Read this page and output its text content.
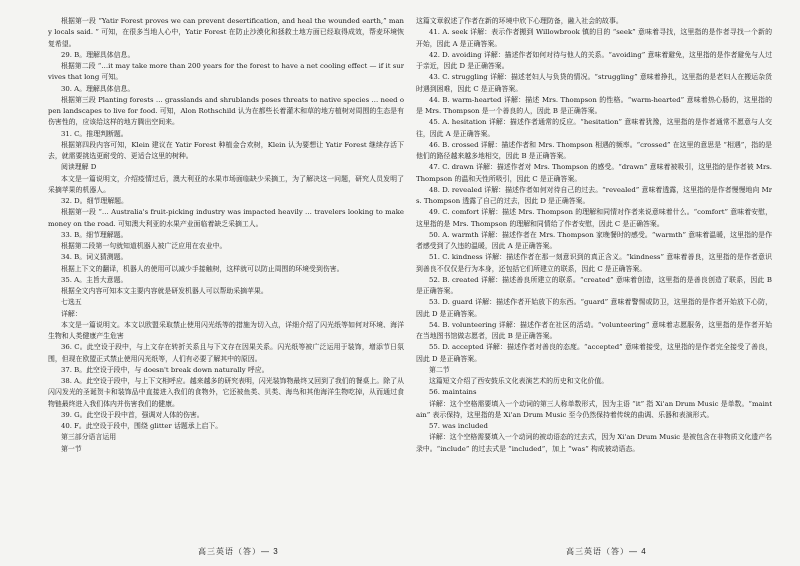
根据第一段 “Yatir Forest proves we can prevent desertification, and heal the wounded earth,” many locals said. ” 可知，在很多当地人心中，Yatir Forest 在防止沙漠化和拯救土地方面已经取得成效，帮麦环境恢复希望。

29. B。理解具体信息。

根据第二段 “…it may take more than 200 years for the forest to have a net cooling effect — if it survives that long 可知。

30. A。理解具体信息。

根据第三段 Planting forests … grasslands and shrublands poses threats to native species … need open landscapes to live for food. 可知，Alon Rothschild 认为在都些长着灌木和草的地方植树对周围的生态是有伤害性的，应该给这样的地方腾出空间来。

31. C。推理判断题。

根据第四段内容可知，Klein 建议在 Yatir Forest 种植金合欢树，Klein 认为要想让 Yatir Forest 继续存活下去，就需要挑选更耐受的、更适合这里的树种。

阅读理解 D

本文是一篇说明文，介绍疫情过后，澳大利亚的水果市场面临缺少采摘工，为了解决这一问题，研究人员发明了采摘苹果的机器人。

32. D。细节理解题。

根据第一段 “… Australia's fruit-picking industry was impacted heavily … travelers looking to make money on the road. 可知澳大利亚的水果产业面临着缺乏采摘工人。

33. B。细节理解题。

根据第二段第一句就知道机器人被广泛应用在农业中。

34. B。词义猜测题。

根据上下文的翻译，机器人的使用可以减少手接触树，这样就可以防止周围的环境受到伤害。

35. A。主旨大意题。

根据全文内容可知本文主要内容就是研发机器人可以帮助采摘苹果。

七选五

详解：

本文是一篇说明文。本文以欧盟采取禁止使用闪光纸等的措施为切入点，详细介绍了闪光纸等如何对环境、海洋生物和人类健康产生危害

36. C。此空设于段中，与上文存在转折关系且与下文存在因果关系。闪光纸等被广泛运用于装饰，增添节日氛围，但现在欧盟正式禁止使用闪光纸等，人们有必要了解其中的原因。

37. B。此空设于段中，与 doesn't break down naturally 呼应。

38. A。此空设于段中，与上下文相呼应。越来越多的研究表明，闪光装饰物最终又回到了我们的餐桌上。除了从闪闪发光的圣诞贺卡和装饰品中直接进入我们的食物外，它还被鱼类、贝类、海鸟和其他海洋生物吃掉，从而通过食物链最终进入我们体内并伤害我们的健康。

39. G。此空设于段中首，强调对人体的伤害。

40. F。此空设于段中，围绕 glitter 话题承上启下。

第三部分语言运用

第一节

这篇文章叙述了作者在新的环境中欣下心理防备，融入社会的故事。

41. A. seek 详解：表示作者搬到 Willowbrook 镇的目的 “seek” 意味着寻找，这里指的是作者寻找一个新的开始，因此 A 是正确答案。

42. D. avoiding 详解：描述作者如何对待与他人的关系。“avoiding” 意味着避免，这里指的是作者避免与人过于亲近，因此 D 是正确答案。

43. C. struggling 详解：描述老妇人与负贷的情况。“struggling” 意味着挣扎，这里指的是老妇人在搬运杂货时遇到困难，因此 C 是正确答案。

44. B. warm-hearted 详解：描述 Mrs. Thompson 的性格。“warm-hearted” 意味着热心肠的，这里指的是 Mrs. Thompson 是一个善良的人，因此 B 是正确答案。

45. A. hesitation 详解：描述作者通常的反应。“hesitation” 意味着犹豫，这里指的是作者通常不愿意与人交往，因此 A 是正确答案。

46. B. crossed 详解：描述作者和 Mrs. Thompson 相遇的频率。“crossed” 在这里的意思是 “相遇”，指的是他们的路径越来越多地相交，因此 B 是正确答案。

47. C. drawn 详解：描述作者对 Mrs. Thompson 的感受。“drawn” 意味着被吸引，这里指的是作者被 Mrs. Thompson 的温和天性所吸引，因此 C 是正确答案。

48. D. revealed 详解：描述作者如何对待自己的过去。“revealed” 意味着透露，这里指的是作者慢慢地向 Mrs. Thompson 透露了自己的过去，因此 D 是正确答案。

49. C. comfort 详解：描述 Mrs. Thompson 的理解和同情对作者来说意味着什么。“comfort” 意味着安慰，这里指的是 Mrs. Thompson 的理解和同情给了作者安慰，因此 C 是正确答案。

50. A. warmth 详解：描述作者在 Mrs. Thompson 家晚餐时的感受。“warmth” 意味着温暖，这里指的是作者感受到了久违的温暖，因此 A 是正确答案。

51. C. kindness 详解：描述作者在那一刻意识到的真正含义。“kindness” 意味着善良，这里指的是作者意识到善良不仅仅是行为本身，还包括它们所建立的联系，因此 C 是正确答案。

52. B. created 详解：描述善良所建立的联系。“created” 意味着创造，这里指的是善良创造了联系，因此 B 是正确答案。

53. D. guard 详解：描述作者开始放下的东西。“guard” 意味着警惕或防卫，这里指的是作者开始放下心防，因此 D 是正确答案。

54. B. volunteering 详解：描述作者在社区的活动。“volunteering” 意味着志愿服务，这里指的是作者开始在当地图书馆做志愿者，因此 B 是正确答案。

55. D. accepted 详解：描述作者对善良的态度。“accepted” 意味着接受，这里指的是作者完全接受了善良，因此 D 是正确答案。

第二节

这篇短文介绍了西安鼓乐文化表演艺术的历史和文化价值。

56. maintains

详解：这个空格需要填入一个动词的第三人称单数形式，因为主语 “it” 指 Xi'an Drum Music 是单数。“maintain” 表示保持，这里指的是 Xi'an Drum Music 至今仍然保持着传统的曲调、乐器和表演形式。

57. was included

详解：这个空格需要填入一个动词的被动语态的过去式，因为 Xi'an Drum Music 是被包含在非物质文化遗产名录中。“include” 的过去式是 “included”，加上 “was” 构成被动语态。

高三英语（答）— 3	高三英语（答）— 4
